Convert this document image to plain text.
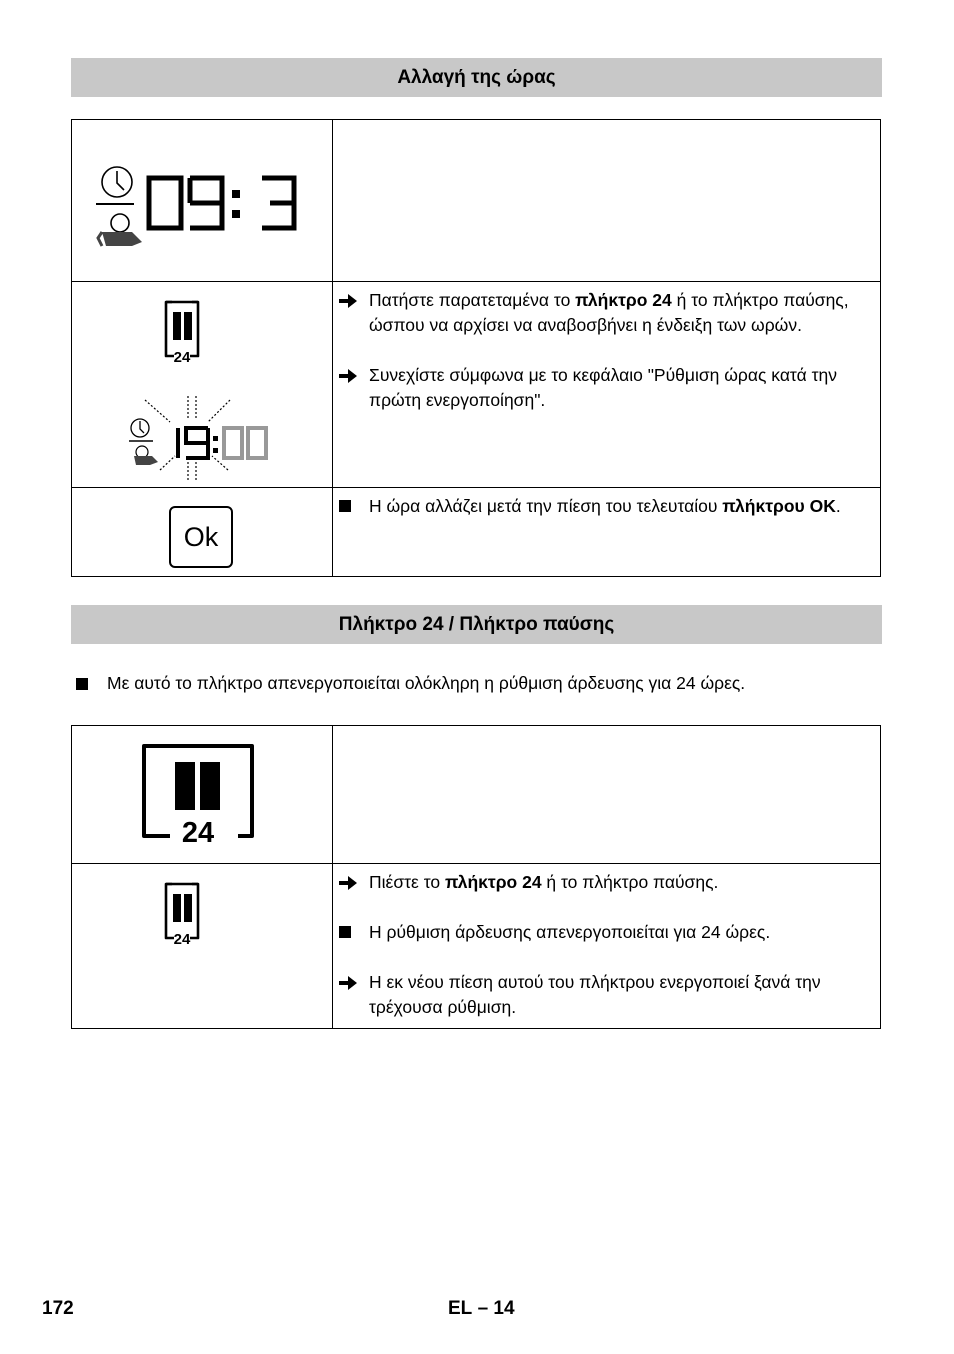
Αλλαγή της ώρας

24	Πατήστε παρατεταμένα το πλήκτρο 24 ή το πλήκτρο παύσης, ώσπου να αρχίσει να αναβοσβήνει η ένδειξη των ωρών.
Συνεχίστε σύμφωνα με το κεφάλαιο "Ρύθμιση ώρας κατά την πρώτη ενεργοποίηση".

Ok	Η ώρα αλλάζει μετά την πίεση του τελευταίου πλήκτρου OK.
Πλήκτρο 24 / Πλήκτρο παύσης
Με αυτό το πλήκτρο απενεργοποιείται ολόκληρη η ρύθμιση άρδευσης για 24 ώρες.
24	

24	Πιέστε το πλήκτρο 24 ή το πλήκτρο παύσης.
Η ρύθμιση άρδευσης απενεργοποιείται για 24 ώρες.
Η εκ νέου πίεση αυτού του πλήκτρου ενεργοποιεί ξανά την τρέχουσα ρύθμιση.
172	EL – 14
